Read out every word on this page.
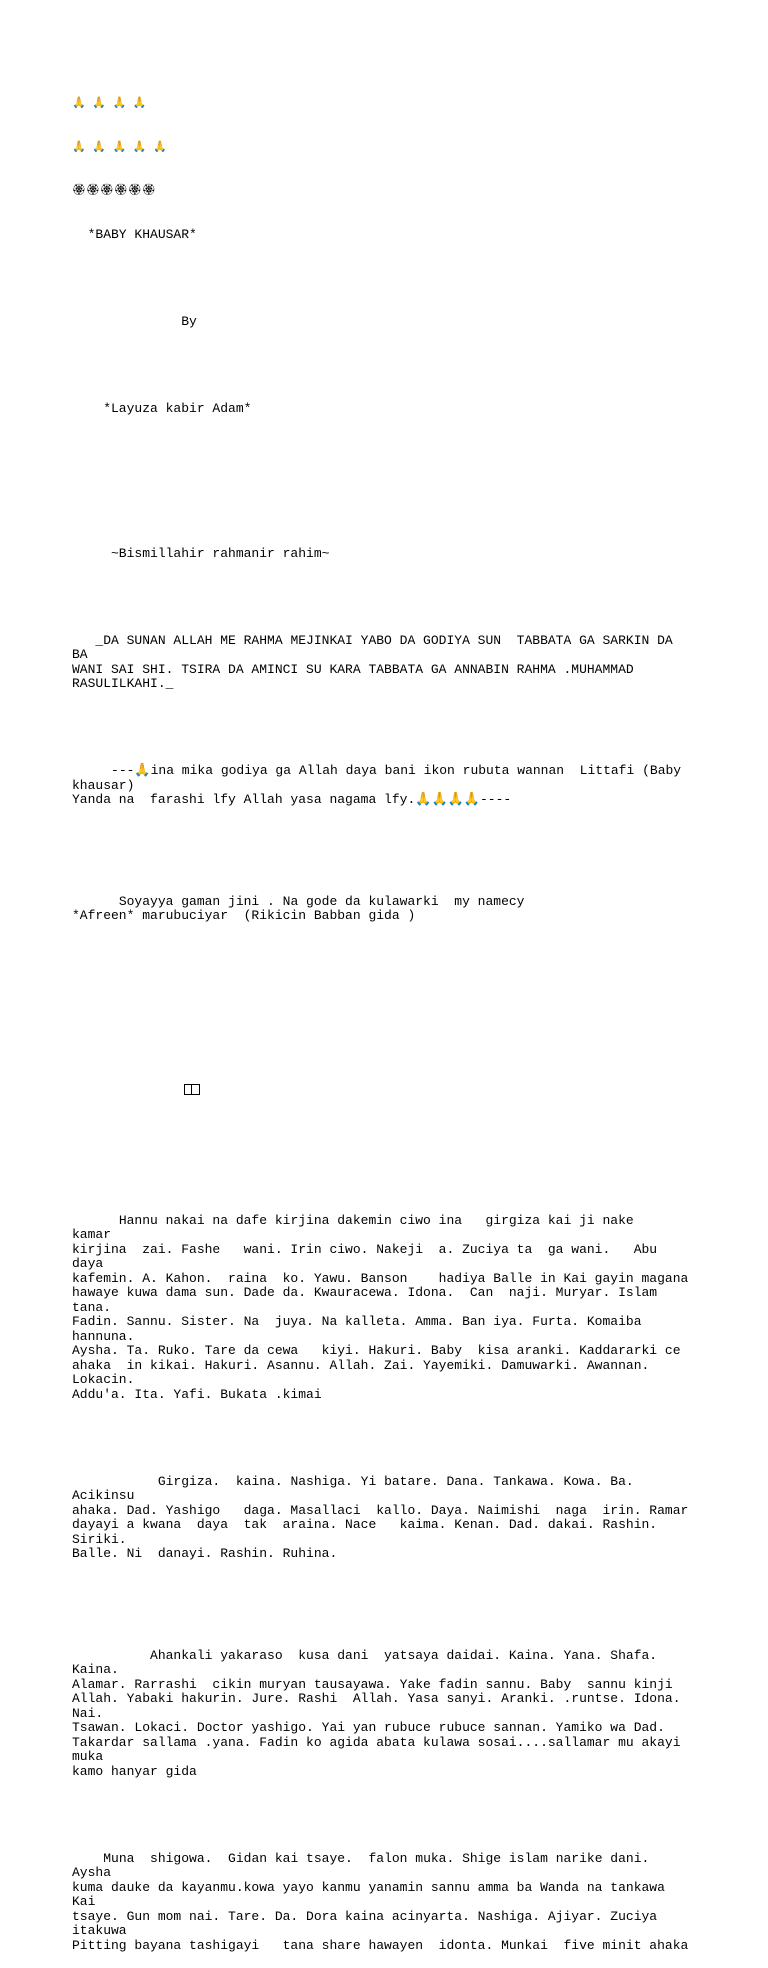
🙏 🙏 🙏 🙏

🙏 🙏 🙏 🙏 🙏

🏵🏵🏵🏵🏵🏵

*BABY KHAUSAR*

By

*Layuza kabir Adam*

~Bismillahir rahmanir rahim~

_DA SUNAN ALLAH ME RAHMA MEJINKAI YABO DA GODIYA SUN  TABBATA GA SARKIN DA BA
WANI SAI SHI. TSIRA DA AMINCI SU KARA TABBATA GA ANNABIN RAHMA .MUHAMMAD
RASULILKAHI._

---🙏ina mika godiya ga Allah daya bani ikon rubuta wannan  Littafi (Baby
khausar)
Yanda na  farashi lfy Allah yasa nagama lfy.🙏🙏🙏🙏----

Soyayya gaman jini . Na gode da kulawarki  my namecy
*Afreen* marubuciyar  (Rikicin Babban gida )

Hannu nakai na dafe kirjina dakemin ciwo ina   girgiza kai ji nake   kamar
kirjina  zai. Fashe   wani. Irin ciwo. Nakeji  a. Zuciya ta  ga wani.   Abu  daya
kafemin. A. Kahon.  raina  ko. Yawu. Banson    hadiya Balle in Kai gayin magana
hawaye kuwa dama sun. Dade da. Kwauracewa. Idona.  Can  naji. Muryar. Islam tana.
Fadin. Sannu. Sister. Na  juya. Na kalleta. Amma. Ban iya. Furta. Komaiba  hannuna.
Aysha. Ta. Ruko. Tare da cewa   kiyi. Hakuri. Baby  kisa aranki. Kaddararki ce
ahaka  in kikai. Hakuri. Asannu. Allah. Zai. Yayemiki. Damuwarki. Awannan. Lokacin.
Addu'a. Ita. Yafi. Bukata .kimai

Girgiza.  kaina. Nashiga. Yi batare. Dana. Tankawa. Kowa. Ba. Acikinsu
ahaka. Dad. Yashigo   daga. Masallaci  kallo. Daya. Naimishi  naga  irin. Ramar
dayayi a kwana  daya  tak  araina. Nace   kaima. Kenan. Dad. dakai. Rashin. Siriki.
Balle. Ni  danayi. Rashin. Ruhina.

Ahankali yakaraso  kusa dani  yatsaya daidai. Kaina. Yana. Shafa. Kaina.
Alamar. Rarrashi  cikin muryan tausayawa. Yake fadin sannu. Baby  sannu kinji
Allah. Yabaki hakurin. Jure. Rashi  Allah. Yasa sanyi. Aranki. .runtse. Idona. Nai.
Tsawan. Lokaci. Doctor yashigo. Yai yan rubuce rubuce sannan. Yamiko wa Dad.
Takardar sallama .yana. Fadin ko agida abata kulawa sosai....sallamar mu akayi muka
kamo hanyar gida

Muna  shigowa.  Gidan kai tsaye.  falon muka. Shige islam narike dani. Aysha
kuma dauke da kayanmu.kowa yayo kanmu yanamin sannu amma ba Wanda na tankawa  Kai
tsaye. Gun mom nai. Tare. Da. Dora kaina acinyarta. Nashiga. Ajiyar. Zuciya itakuwa
Pitting bayana tashigayi   tana share hawayen  idonta. Munkai  five minit ahaka
